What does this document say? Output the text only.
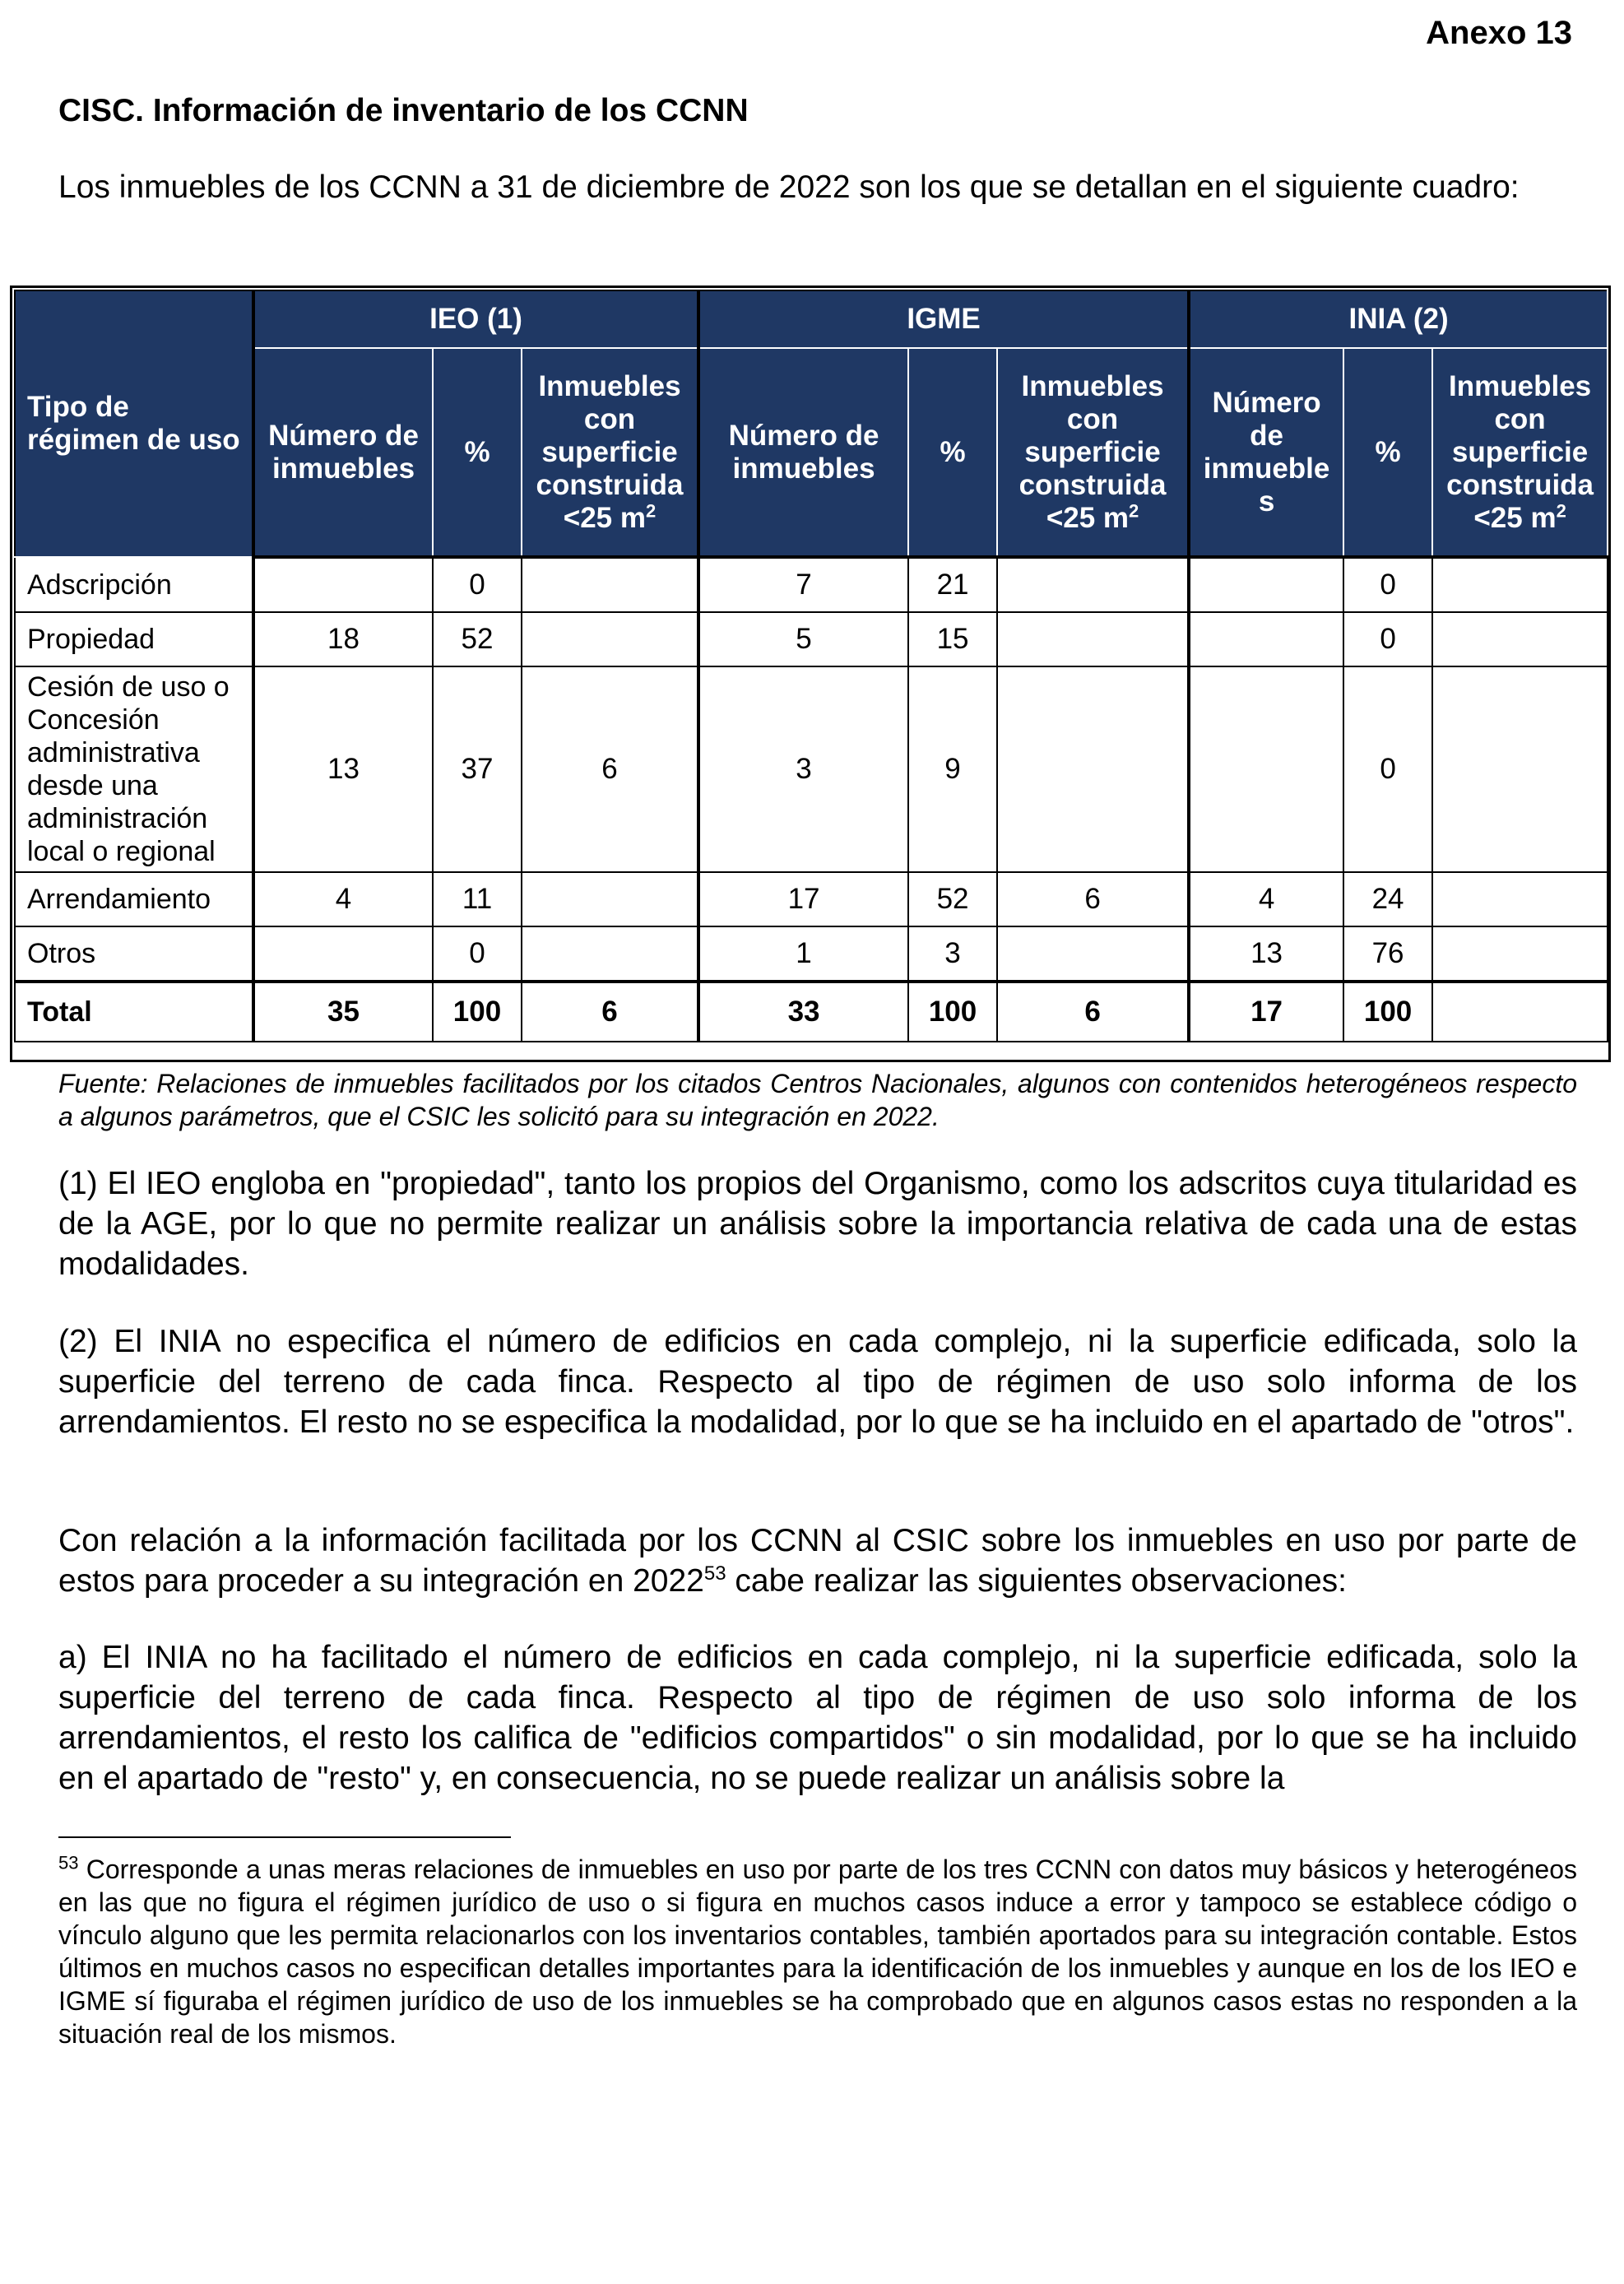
Anexo 13
CISC. Información de inventario de los CCNN

Los inmuebles de los CCNN a 31 de diciembre de 2022 son los que se detallan en el siguiente cuadro:

Tipo de régimen de uso	IEO (1)			IGME			INIA (2)		
	Número de inmuebles	%	Inmuebles con superficie construida <25 $m^2$	Número de inmuebles	%	Inmuebles con superficie construida <25 $m^2$	Número de inmueble s	%	Inmuebles con superficie construida <25 $m^2$
Adscripción		0		7	21			0	
Propiedad	18	52		5	15			0	
Cesión de uso o Concesión administrativa desde una administración local o regional	13	37	6	3	9			0	
Arrendamiento	4	11		17	52	6	4	24	
Otros		0		1	3		13	76	
Total	35	100	6	33	100	6	17	100	

Fuente: Relaciones de inmuebles facilitados por los citados Centros Nacionales, algunos con contenidos heterogéneos respecto a algunos parámetros, que el CSIC les solicitó para su integración en 2022.

(1) El IEO engloba en "propiedad", tanto los propios del Organismo, como los adscritos cuya titularidad es de la AGE, por lo que no permite realizar un análisis sobre la importancia relativa de cada una de estas modalidades.

(2) El INIA no especifica el número de edificios en cada complejo, ni la superficie edificada, solo la superficie del terreno de cada finca. Respecto al tipo de régimen de uso solo informa de los arrendamientos. El resto no se especifica la modalidad, por lo que se ha incluido en el apartado de "otros".

Con relación a la información facilitada por los CCNN al CSIC sobre los inmuebles en uso por parte de estos para proceder a su integración en 2022$^{53}$ cabe realizar las siguientes observaciones:

a) El INIA no ha facilitado el número de edificios en cada complejo, ni la superficie edificada, solo la superficie del terreno de cada finca. Respecto al tipo de régimen de uso solo informa de los arrendamientos, el resto los califica de "edificios compartidos" o sin modalidad, por lo que se ha incluido en el apartado de "resto" y, en consecuencia, no se puede realizar un análisis sobre la

$^{53}$ Corresponde a unas meras relaciones de inmuebles en uso por parte de los tres CCNN con datos muy básicos y heterogéneos en las que no figura el régimen jurídico de uso o si figura en muchos casos induce a error y tampoco se establece código o vínculo alguno que les permita relacionarlos con los inventarios contables, también aportados para su integración contable. Estos últimos en muchos casos no especifican detalles importantes para la identificación de los inmuebles y aunque en los de los IEO e IGME sí figuraba el régimen jurídico de uso de los inmuebles se ha comprobado que en algunos casos estas no responden a la situación real de los mismos.
